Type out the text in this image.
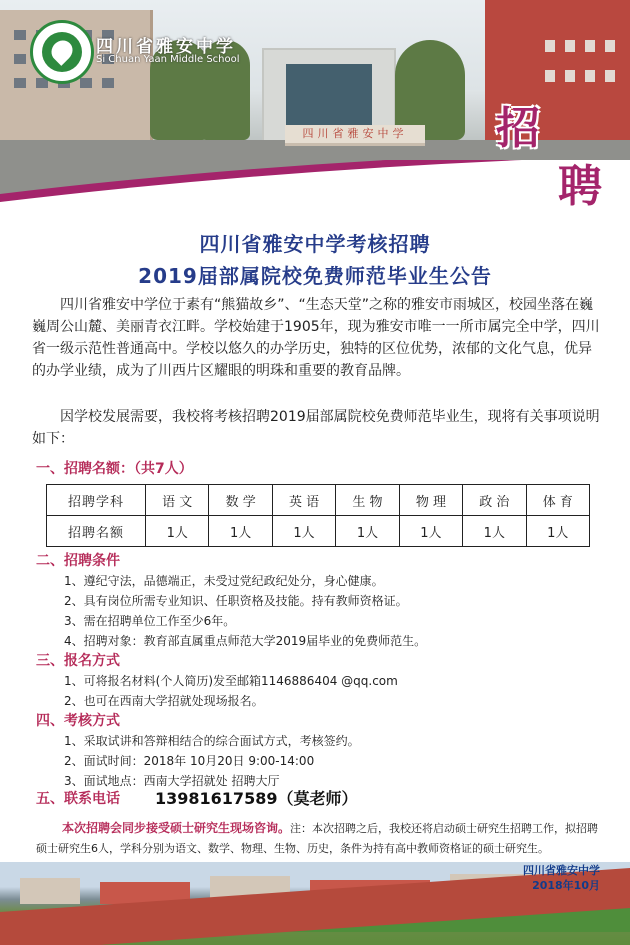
四川省雅安中学
四川省雅安中学
Si Chuan Yaan Middle School
招
聘
四川省雅安中学考核招聘
2019届部属院校免费师范毕业生公告
四川省雅安中学位于素有“熊猫故乡”、“生态天堂”之称的雅安市雨城区，校园坐落在巍巍周公山麓、美丽青衣江畔。学校始建于1905年，现为雅安市唯一一所市属完全中学，四川省一级示范性普通高中。学校以悠久的办学历史，独特的区位优势，浓郁的文化气息，优异的办学业绩，成为了川西片区耀眼的明珠和重要的教育品牌。
因学校发展需要，我校将考核招聘2019届部属院校免费师范毕业生，现将有关事项说明如下：
一、招聘名额：（共7人）
招聘学科	语 文	数 学	英 语	生 物	物 理	政 治	体 育
招聘名额	1人	1人	1人	1人	1人	1人	1人
二、招聘条件
1、遵纪守法，品德端正，未受过党纪政纪处分，身心健康。
2、具有岗位所需专业知识、任职资格及技能。持有教师资格证。
3、需在招聘单位工作至少6年。
4、招聘对象：教育部直属重点师范大学2019届毕业的免费师范生。
三、报名方式
1、可将报名材料(个人简历)发至邮箱1146886404 @qq.com
2、也可在西南大学招就处现场报名。
四、考核方式
1、采取试讲和答辩相结合的综合面试方式，考核签约。
2、面试时间：2018年 10月20日 9:00-14:00
3、面试地点：西南大学招就处 招聘大厅
五、联系电话 13981617589（莫老师）
本次招聘会同步接受硕士研究生现场咨询。注：本次招聘之后，我校还将启动硕士研究生招聘工作，拟招聘硕士研究生6人，学科分别为语文、数学、物理、生物、历史，条件为持有高中教师资格证的硕士研究生。
四川省雅安中学
2018年10月
